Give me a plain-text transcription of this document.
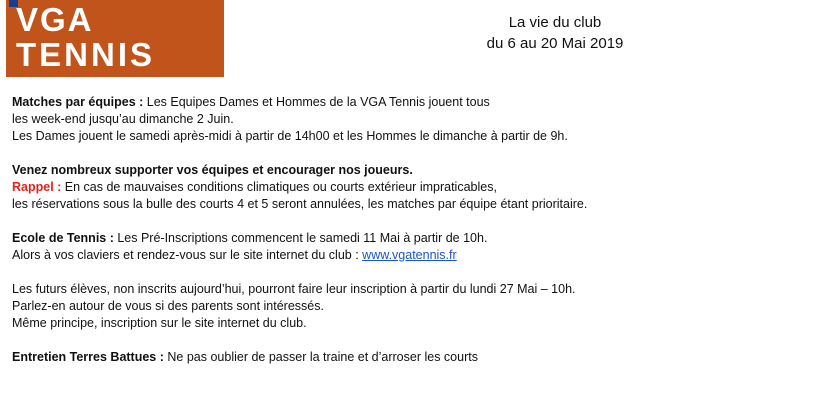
VGA
TENNIS
La vie du club
du 6 au 20 Mai 2019

Matches par équipes : Les Equipes Dames et Hommes de la VGA Tennis jouent tous

les week-end jusqu’au dimanche 2 Juin.

Les Dames jouent le samedi après-midi à partir de 14h00 et les Hommes le dimanche à partir de 9h.

Venez nombreux supporter vos équipes et encourager nos joueurs.

Rappel : En cas de mauvaises conditions climatiques ou courts extérieur impraticables,

les réservations sous la bulle des courts 4 et 5 seront annulées, les matches par équipe étant prioritaire.

Ecole de Tennis : Les Pré-Inscriptions commencent le samedi 11 Mai à partir de 10h.

Alors à vos claviers et rendez-vous sur le site internet du club : www.vgatennis.fr

Les futurs élèves, non inscrits aujourd’hui, pourront faire leur inscription à partir du lundi 27 Mai – 10h.

Parlez-en autour de vous si des parents sont intéressés.

Même principe, inscription sur le site internet du club.

Entretien Terres Battues : Ne pas oublier de passer la traine et d’arroser les courts
